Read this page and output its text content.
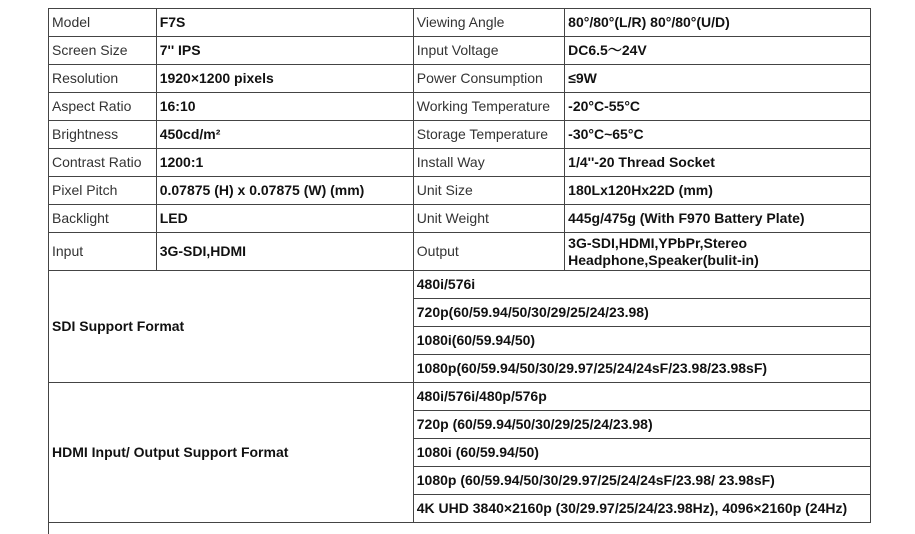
Model	F7S	Viewing Angle	80°/80°(L/R) 80°/80°(U/D)
Screen Size	7'' IPS	Input Voltage	DC6.5～24V
Resolution	1920×1200 pixels	Power Consumption	≤9W
Aspect Ratio	16:10	Working Temperature	-20°C-55°C
Brightness	450cd/m²	Storage Temperature	-30°C~65°C
Contrast Ratio	1200:1	Install Way	1/4''-20 Thread Socket
Pixel Pitch	0.07875 (H) x 0.07875 (W) (mm)	Unit Size	180Lx120Hx22D (mm)
Backlight	LED	Unit Weight	445g/475g (With F970 Battery Plate)
Input	3G-SDI,HDMI	Output	3G-SDI,HDMI,YPbPr,Stereo Headphone,Speaker(bulit-in)
SDI Support Format		480i/576i	
		720p(60/59.94/50/30/29/25/24/23.98)	
		1080i(60/59.94/50)	
		1080p(60/59.94/50/30/29.97/25/24/24sF/23.98/23.98sF)	
HDMI Input/ Output Support Format		480i/576i/480p/576p	
		720p (60/59.94/50/30/29/25/24/23.98)	
		1080i (60/59.94/50)	
		1080p (60/59.94/50/30/29.97/25/24/24sF/23.98/ 23.98sF)	
		4K UHD 3840×2160p (30/29.97/25/24/23.98Hz), 4096×2160p (24Hz)	
